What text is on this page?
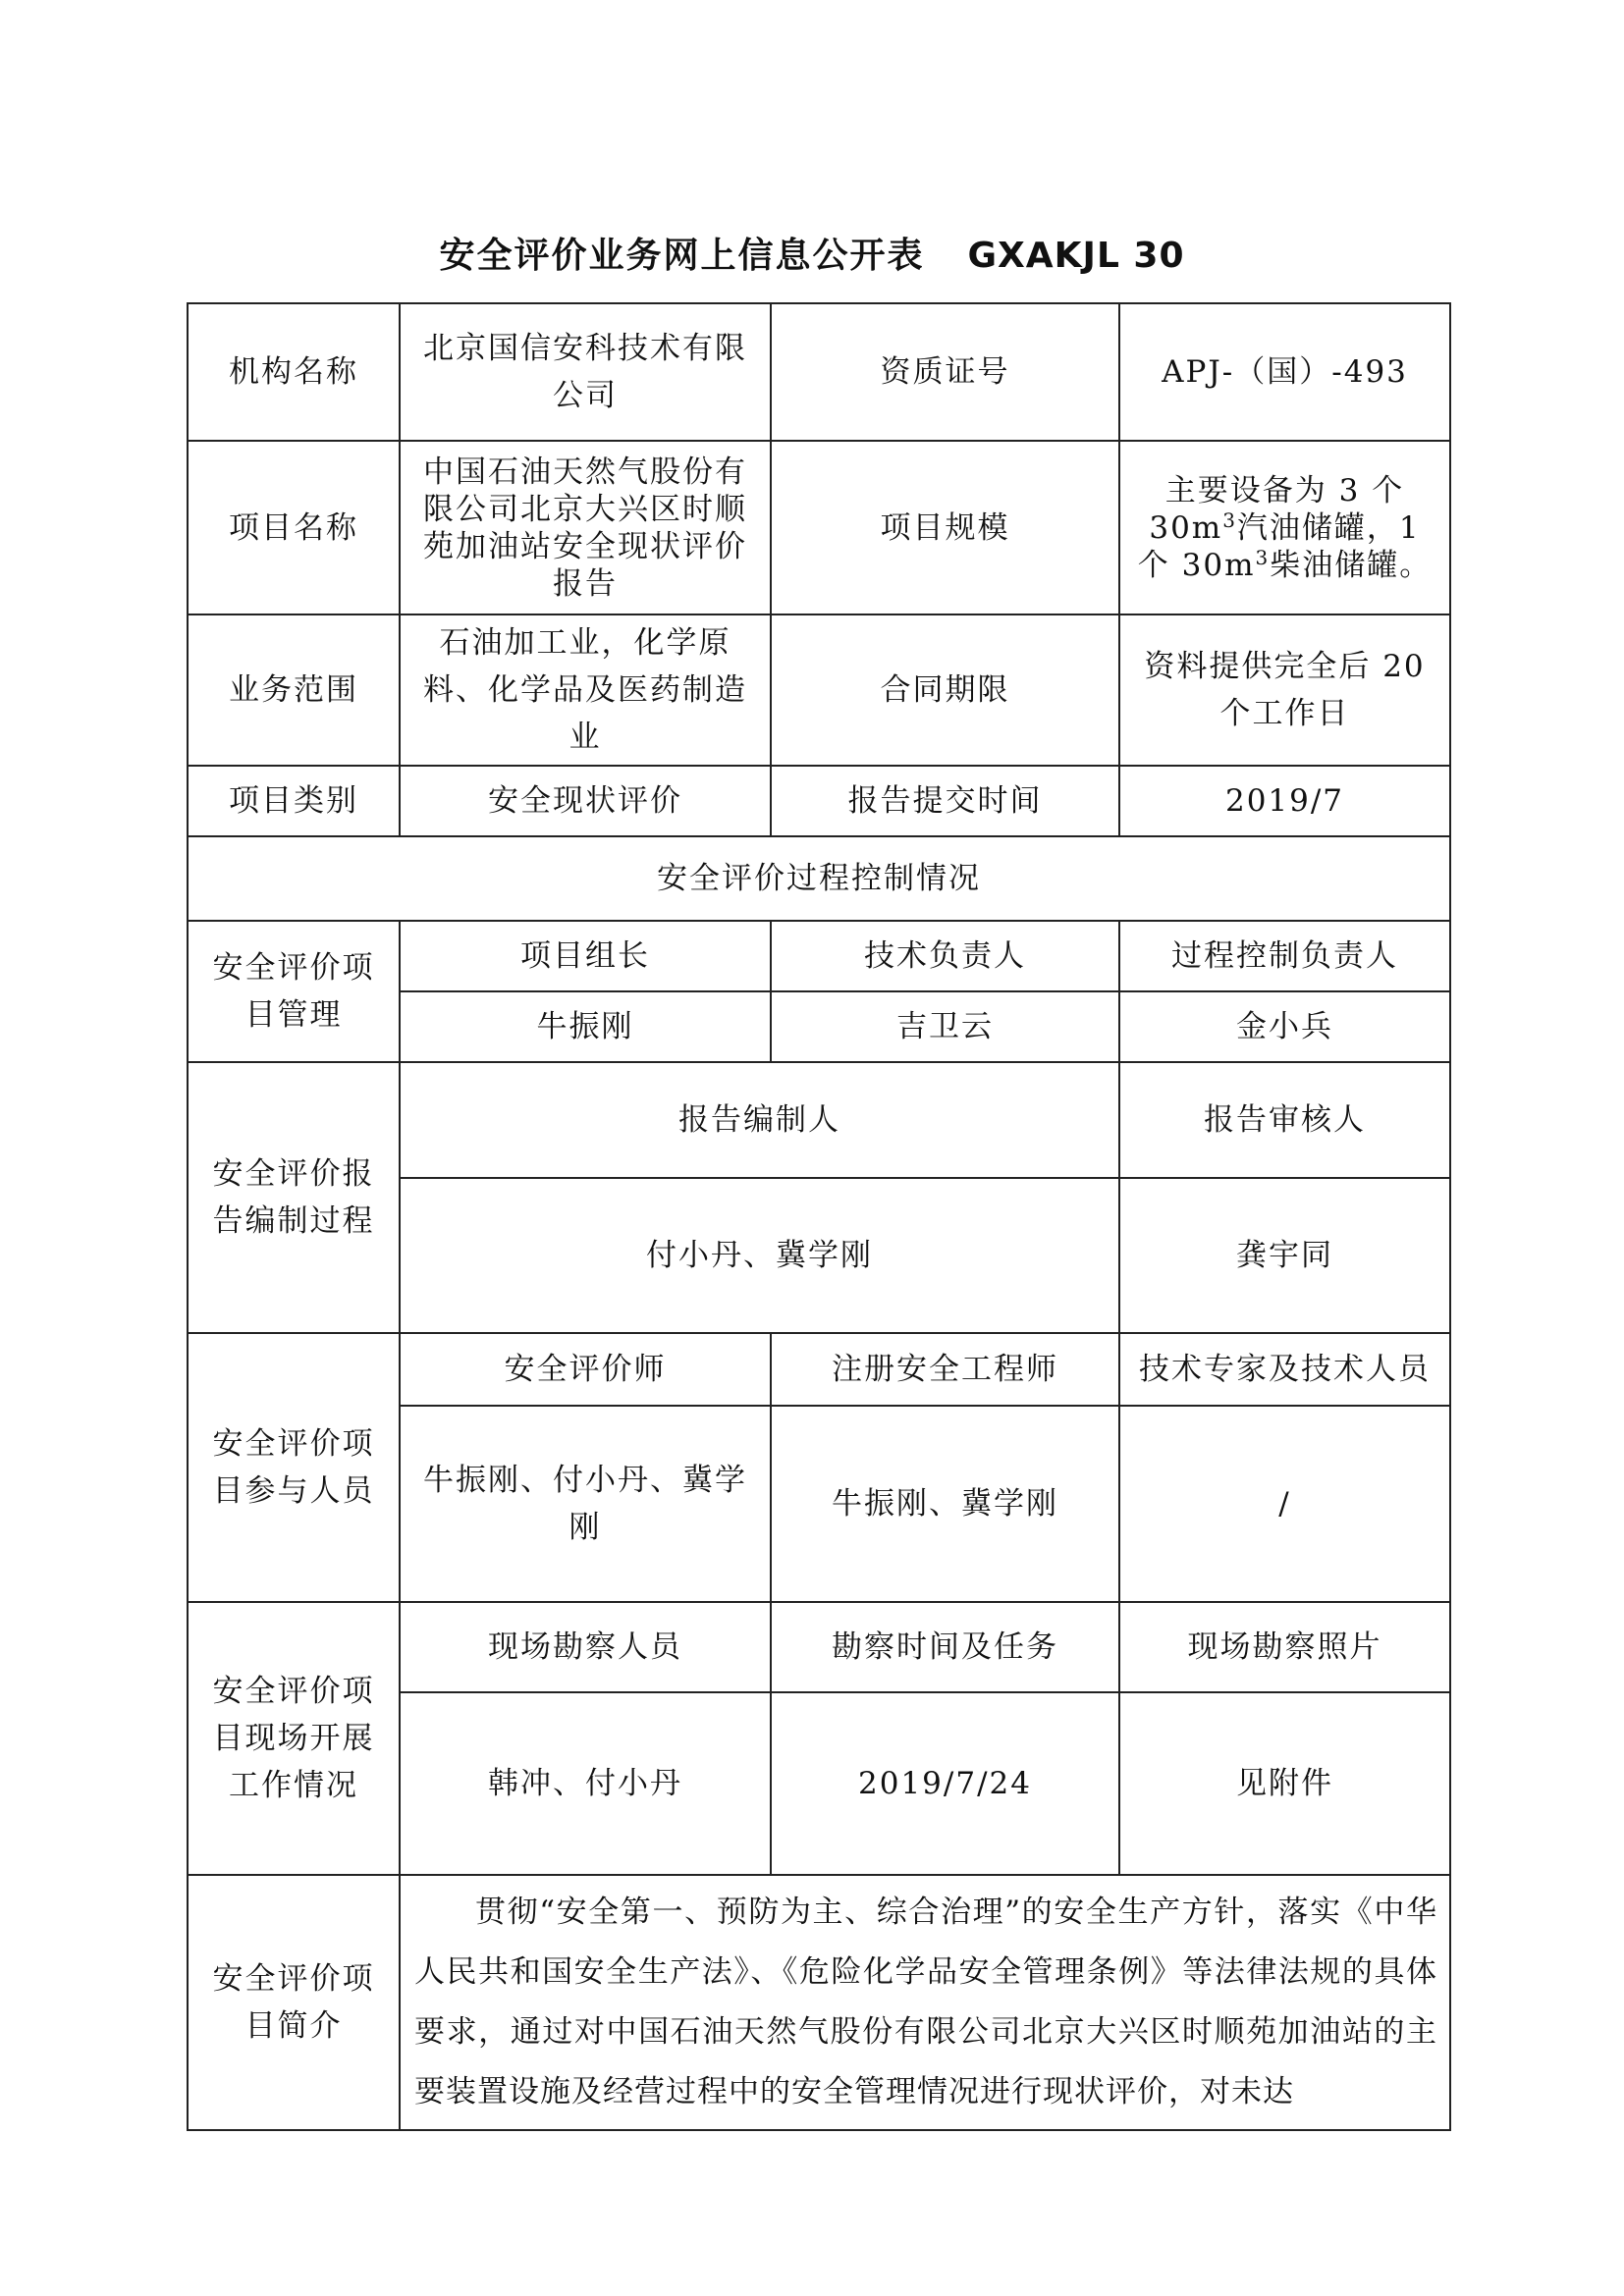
安全评价业务网上信息公开表 GXAKJL 30
机构名称	北京国信安科技术有限公司	资质证号	APJ-（国）-493
项目名称	中国石油天然气股份有限公司北京大兴区时顺苑加油站安全现状评价报告	项目规模	主要设备为 3 个 $30m^3$汽油储罐，1 个 $30m^3$柴油储罐。
业务范围	石油加工业，化学原料、化学品及医药制造业	合同期限	资料提供完全后 20 个工作日
项目类别	安全现状评价	报告提交时间	2019/7
安全评价过程控制情况			
安全评价项目管理	项目组长	技术负责人	过程控制负责人
	牛振刚	吉卫云	金小兵
安全评价报告编制过程	报告编制人		报告审核人
	付小丹、冀学刚		龚宇同
安全评价项目参与人员	安全评价师	注册安全工程师	技术专家及技术人员
	牛振刚、付小丹、冀学刚	牛振刚、冀学刚	/
安全评价项目现场开展工作情况	现场勘察人员	勘察时间及任务	现场勘察照片
	韩冲、付小丹	2019/7/24	见附件
安全评价项目简介	贯彻“安全第一、预防为主、综合治理”的安全生产方针，落实《中华人民共和国安全生产法》、《危险化学品安全管理条例》等法律法规的具体要求，通过对中国石油天然气股份有限公司北京大兴区时顺苑加油站的主要装置设施及经营过程中的安全管理情况进行现状评价，对未达		
